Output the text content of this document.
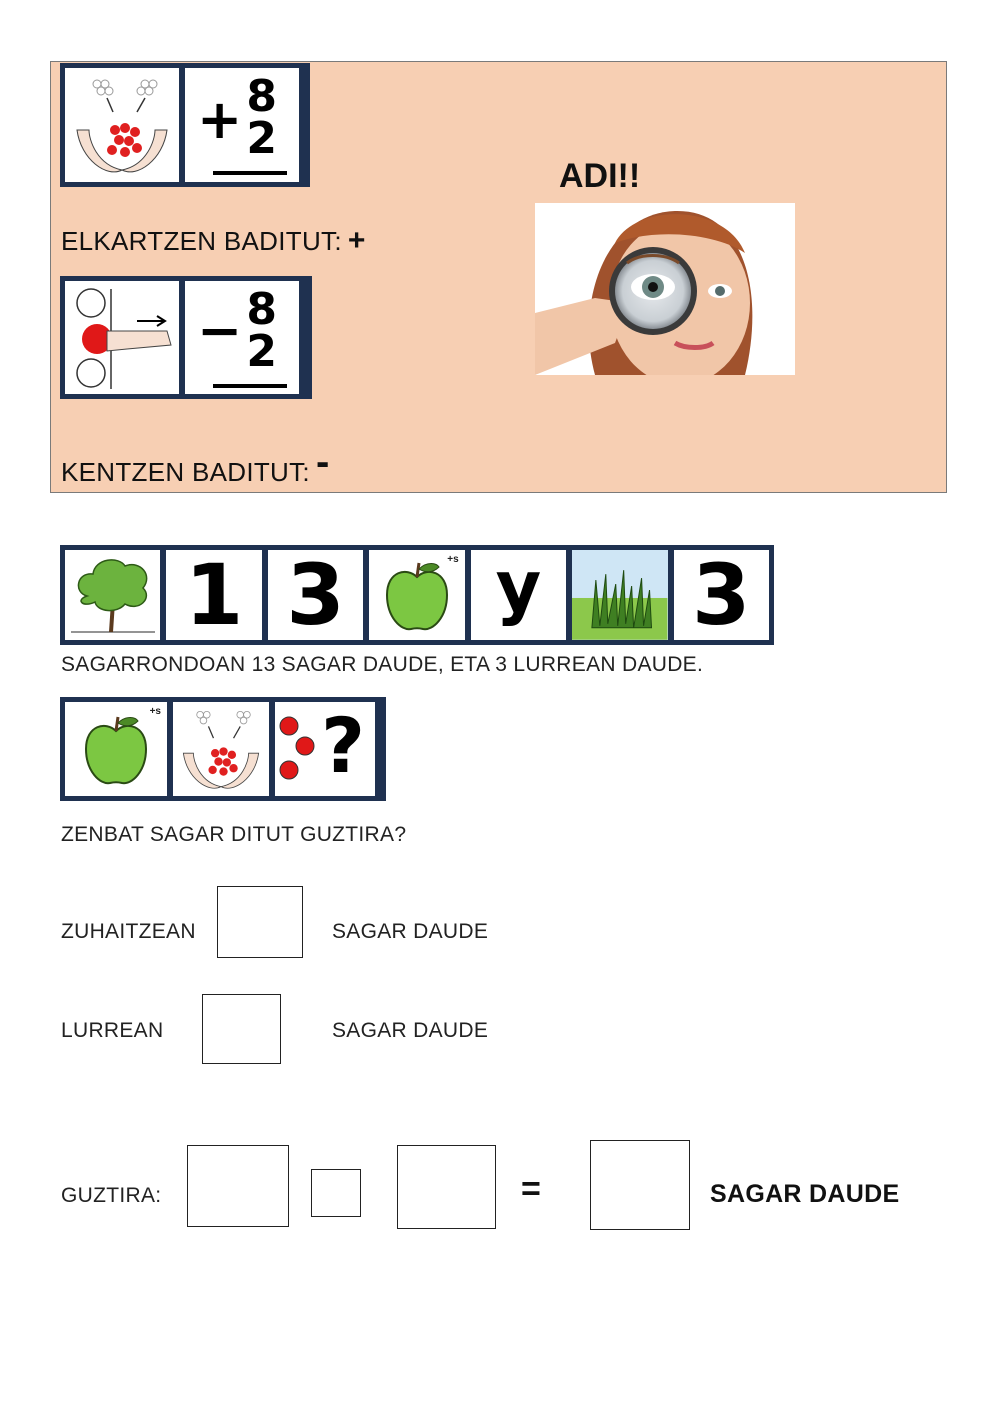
+ 8
2
ELKARTZEN BADITUT: +
− 8
2
KENTZEN BADITUT: -
ADI!!
1 3	+s y 3
SAGARRONDOAN 13 SAGAR DAUDE, ETA 3 LURREAN DAUDE.
+s ?
ZENBAT SAGAR DITUT GUZTIRA?
ZUHAITZEAN	SAGAR DAUDE
LURREAN	SAGAR DAUDE
GUZTIRA:	=	SAGAR DAUDE
